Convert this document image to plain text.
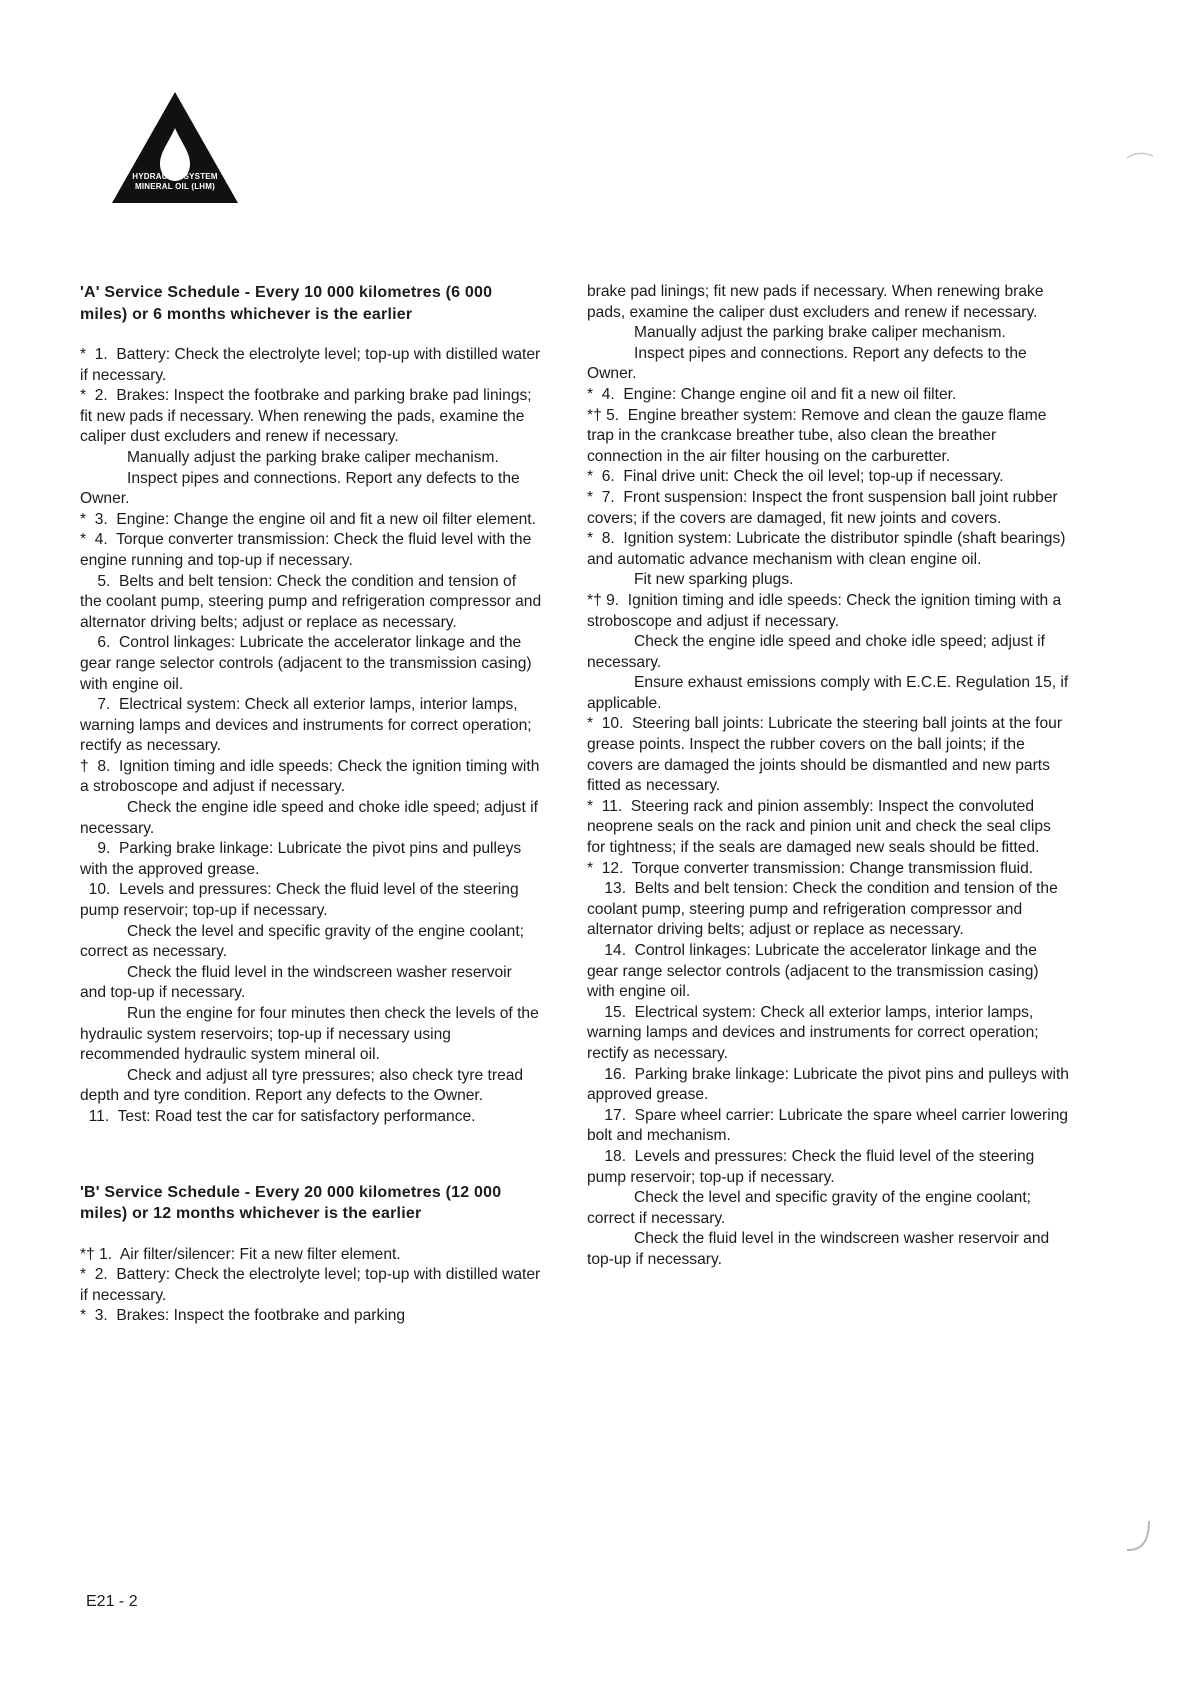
HYDRAULIC SYSTEM
MINERAL OIL (LHM)
'A' Service Schedule - Every 10 000 kilometres (6 000 miles) or 6 months whichever is the earlier

*  1.  Battery: Check the electrolyte level; top-up with distilled water if necessary.

*  2.  Brakes: Inspect the footbrake and parking brake pad linings; fit new pads if necessary. When renewing the pads, examine the caliper dust excluders and renew if necessary.

Manually adjust the parking brake caliper mechanism.

Inspect pipes and connections. Report any defects to the Owner.

*  3.  Engine: Change the engine oil and fit a new oil filter element.

*  4.  Torque converter transmission: Check the fluid level with the engine running and top-up if necessary.

5.  Belts and belt tension: Check the condition and tension of the coolant pump, steering pump and refrigeration compressor and alternator driving belts; adjust or replace as necessary.

6.  Control linkages: Lubricate the accelerator linkage and the gear range selector controls (adjacent to the transmission casing) with engine oil.

7.  Electrical system: Check all exterior lamps, interior lamps, warning lamps and devices and instruments for correct operation; rectify as necessary.

†  8.  Ignition timing and idle speeds: Check the ignition timing with a stroboscope and adjust if necessary.

Check the engine idle speed and choke idle speed; adjust if necessary.

9.  Parking brake linkage: Lubricate the pivot pins and pulleys with the approved grease.

10.  Levels and pressures: Check the fluid level of the steering pump reservoir; top-up if necessary.

Check the level and specific gravity of the engine coolant; correct as necessary.

Check the fluid level in the windscreen washer reservoir and top-up if necessary.

Run the engine for four minutes then check the levels of the hydraulic system reservoirs; top-up if necessary using recommended hydraulic system mineral oil.

Check and adjust all tyre pressures; also check tyre tread depth and tyre condition. Report any defects to the Owner.

11.  Test: Road test the car for satisfactory performance.

'B' Service Schedule - Every 20 000 kilometres (12 000 miles) or 12 months whichever is the earlier

*† 1.  Air filter/silencer: Fit a new filter element.

*  2.  Battery: Check the electrolyte level; top-up with distilled water if necessary.

*  3.  Brakes: Inspect the footbrake and parking

brake pad linings; fit new pads if necessary. When renewing brake pads, examine the caliper dust excluders and renew if necessary.

Manually adjust the parking brake caliper mechanism.

Inspect pipes and connections. Report any defects to the Owner.

*  4.  Engine: Change engine oil and fit a new oil filter.

*† 5.  Engine breather system: Remove and clean the gauze flame trap in the crankcase breather tube, also clean the breather connection in the air filter housing on the carburetter.

*  6.  Final drive unit: Check the oil level; top-up if necessary.

*  7.  Front suspension: Inspect the front suspension ball joint rubber covers; if the covers are damaged, fit new joints and covers.

*  8.  Ignition system: Lubricate the distributor spindle (shaft bearings) and automatic advance mechanism with clean engine oil.

Fit new sparking plugs.

*† 9.  Ignition timing and idle speeds: Check the ignition timing with a stroboscope and adjust if necessary.

Check the engine idle speed and choke idle speed; adjust if necessary.

Ensure exhaust emissions comply with E.C.E. Regulation 15, if applicable.

*  10.  Steering ball joints: Lubricate the steering ball joints at the four grease points. Inspect the rubber covers on the ball joints; if the covers are damaged the joints should be dismantled and new parts fitted as necessary.

*  11.  Steering rack and pinion assembly: Inspect the convoluted neoprene seals on the rack and pinion unit and check the seal clips for tightness; if the seals are damaged new seals should be fitted.

*  12.  Torque converter transmission: Change transmission fluid.

13.  Belts and belt tension: Check the condition and tension of the coolant pump, steering pump and refrigeration compressor and alternator driving belts; adjust or replace as necessary.

14.  Control linkages: Lubricate the accelerator linkage and the gear range selector controls (adjacent to the transmission casing) with engine oil.

15.  Electrical system: Check all exterior lamps, interior lamps, warning lamps and devices and instruments for correct operation; rectify as necessary.

16.  Parking brake linkage: Lubricate the pivot pins and pulleys with approved grease.

17.  Spare wheel carrier: Lubricate the spare wheel carrier lowering bolt and mechanism.

18.  Levels and pressures: Check the fluid level of the steering pump reservoir; top-up if necessary.

Check the level and specific gravity of the engine coolant; correct if necessary.

Check the fluid level in the windscreen washer reservoir and top-up if necessary.

E21 - 2
